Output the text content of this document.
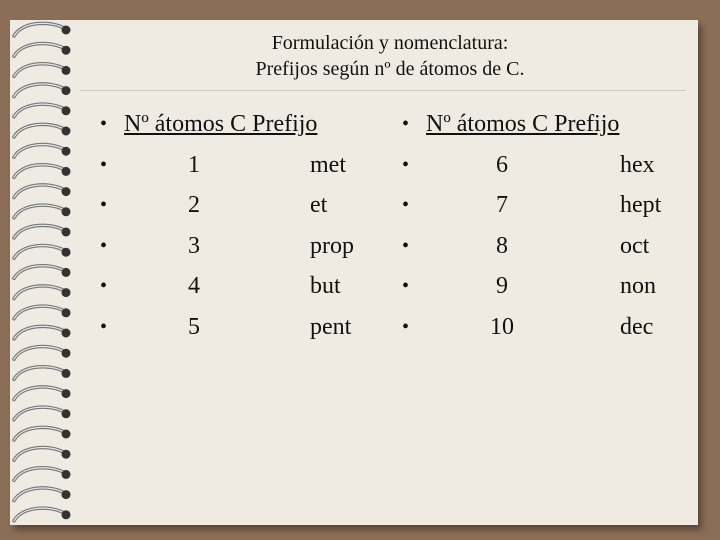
Formulación y nomenclatura:
Prefijos según nº de átomos de C.
• Nº átomos C Prefijo
•	1	met
•	2	et
•	3	prop
•	4	but
•	5	pent
• Nº átomos C Prefijo
•	6	hex
•	7	hept
•	8	oct
•	9	non
•	10	dec
